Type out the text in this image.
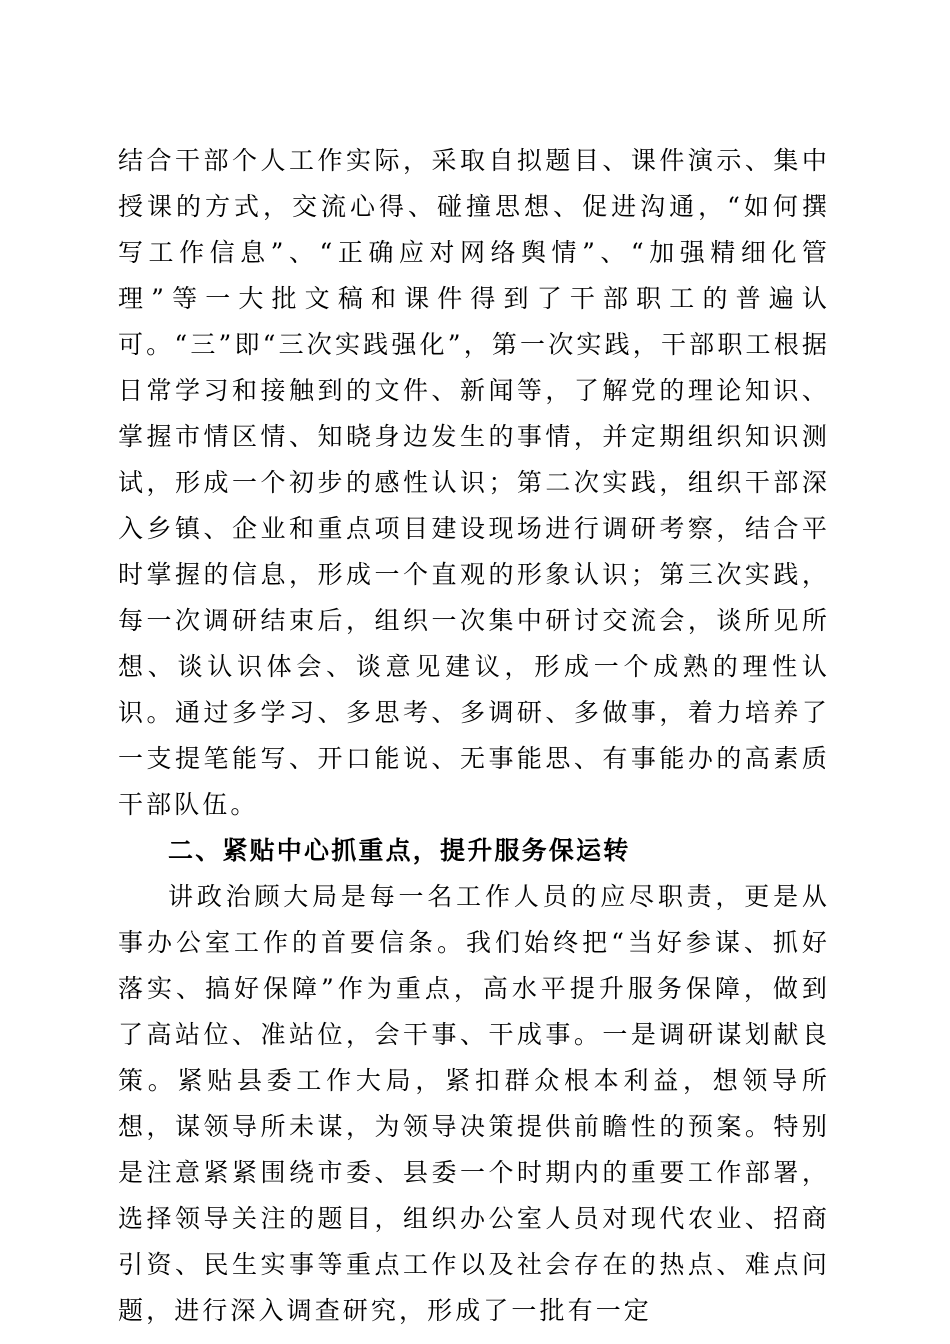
结合干部个人工作实际，采取自拟题目、课件演示、集中授课的方式，交流心得、碰撞思想、促进沟通，“如何撰写工作信息”、“正确应对网络舆情”、“加强精细化管理”等一大批文稿和课件得到了干部职工的普遍认可。“三”即“三次实践强化”，第一次实践，干部职工根据日常学习和接触到的文件、新闻等，了解党的理论知识、掌握市情区情、知晓身边发生的事情，并定期组织知识测试，形成一个初步的感性认识；第二次实践，组织干部深入乡镇、企业和重点项目建设现场进行调研考察，结合平时掌握的信息，形成一个直观的形象认识；第三次实践，每一次调研结束后，组织一次集中研讨交流会，谈所见所想、谈认识体会、谈意见建议，形成一个成熟的理性认识。通过多学习、多思考、多调研、多做事，着力培养了一支提笔能写、开口能说、无事能思、有事能办的高素质干部队伍。

二、紧贴中心抓重点，提升服务保运转

讲政治顾大局是每一名工作人员的应尽职责，更是从事办公室工作的首要信条。我们始终把“当好参谋、抓好落实、搞好保障”作为重点，高水平提升服务保障，做到了高站位、准站位，会干事、干成事。一是调研谋划献良策。紧贴县委工作大局，紧扣群众根本利益，想领导所想，谋领导所未谋，为领导决策提供前瞻性的预案。特别是注意紧紧围绕市委、县委一个时期内的重要工作部署，选择领导关注的题目，组织办公室人员对现代农业、招商引资、民生实事等重点工作以及社会存在的热点、难点问题，进行深入调查研究，形成了一批有一定
